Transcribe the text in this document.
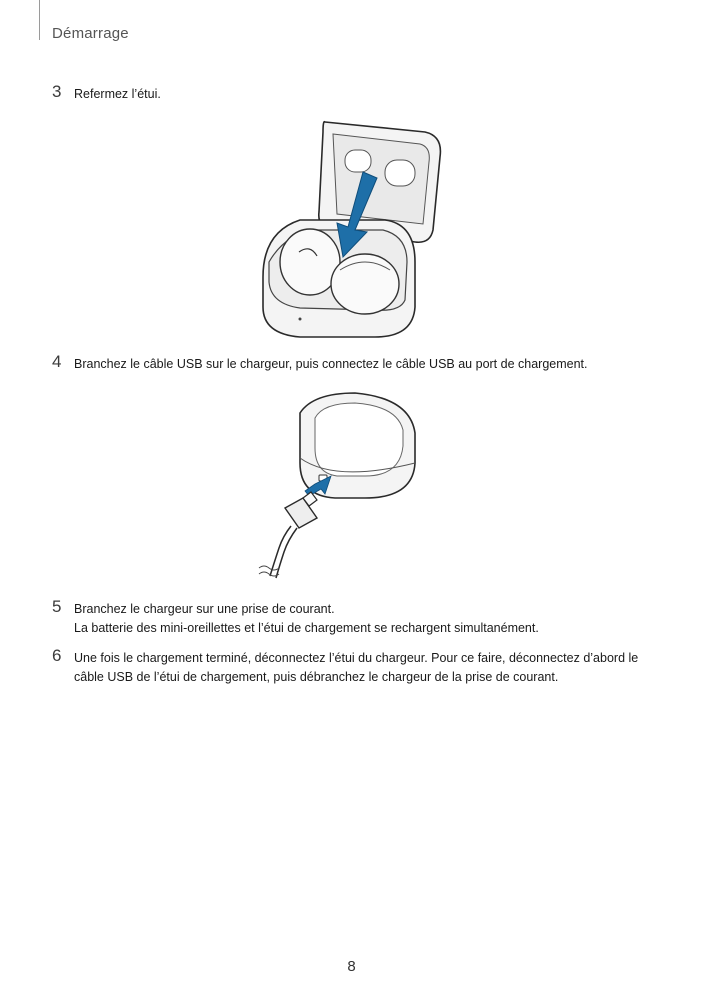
Démarrage
3 Refermez l’étui.

4 Branchez le câble USB sur le chargeur, puis connectez le câble USB au port de chargement.

5 Branchez le chargeur sur une prise de courant.

La batterie des mini-oreillettes et l’étui de chargement se rechargent simultanément.

6 Une fois le chargement terminé, déconnectez l’étui du chargeur. Pour ce faire, déconnectez d’abord le

câble USB de l’étui de chargement, puis débranchez le chargeur de la prise de courant.

8
